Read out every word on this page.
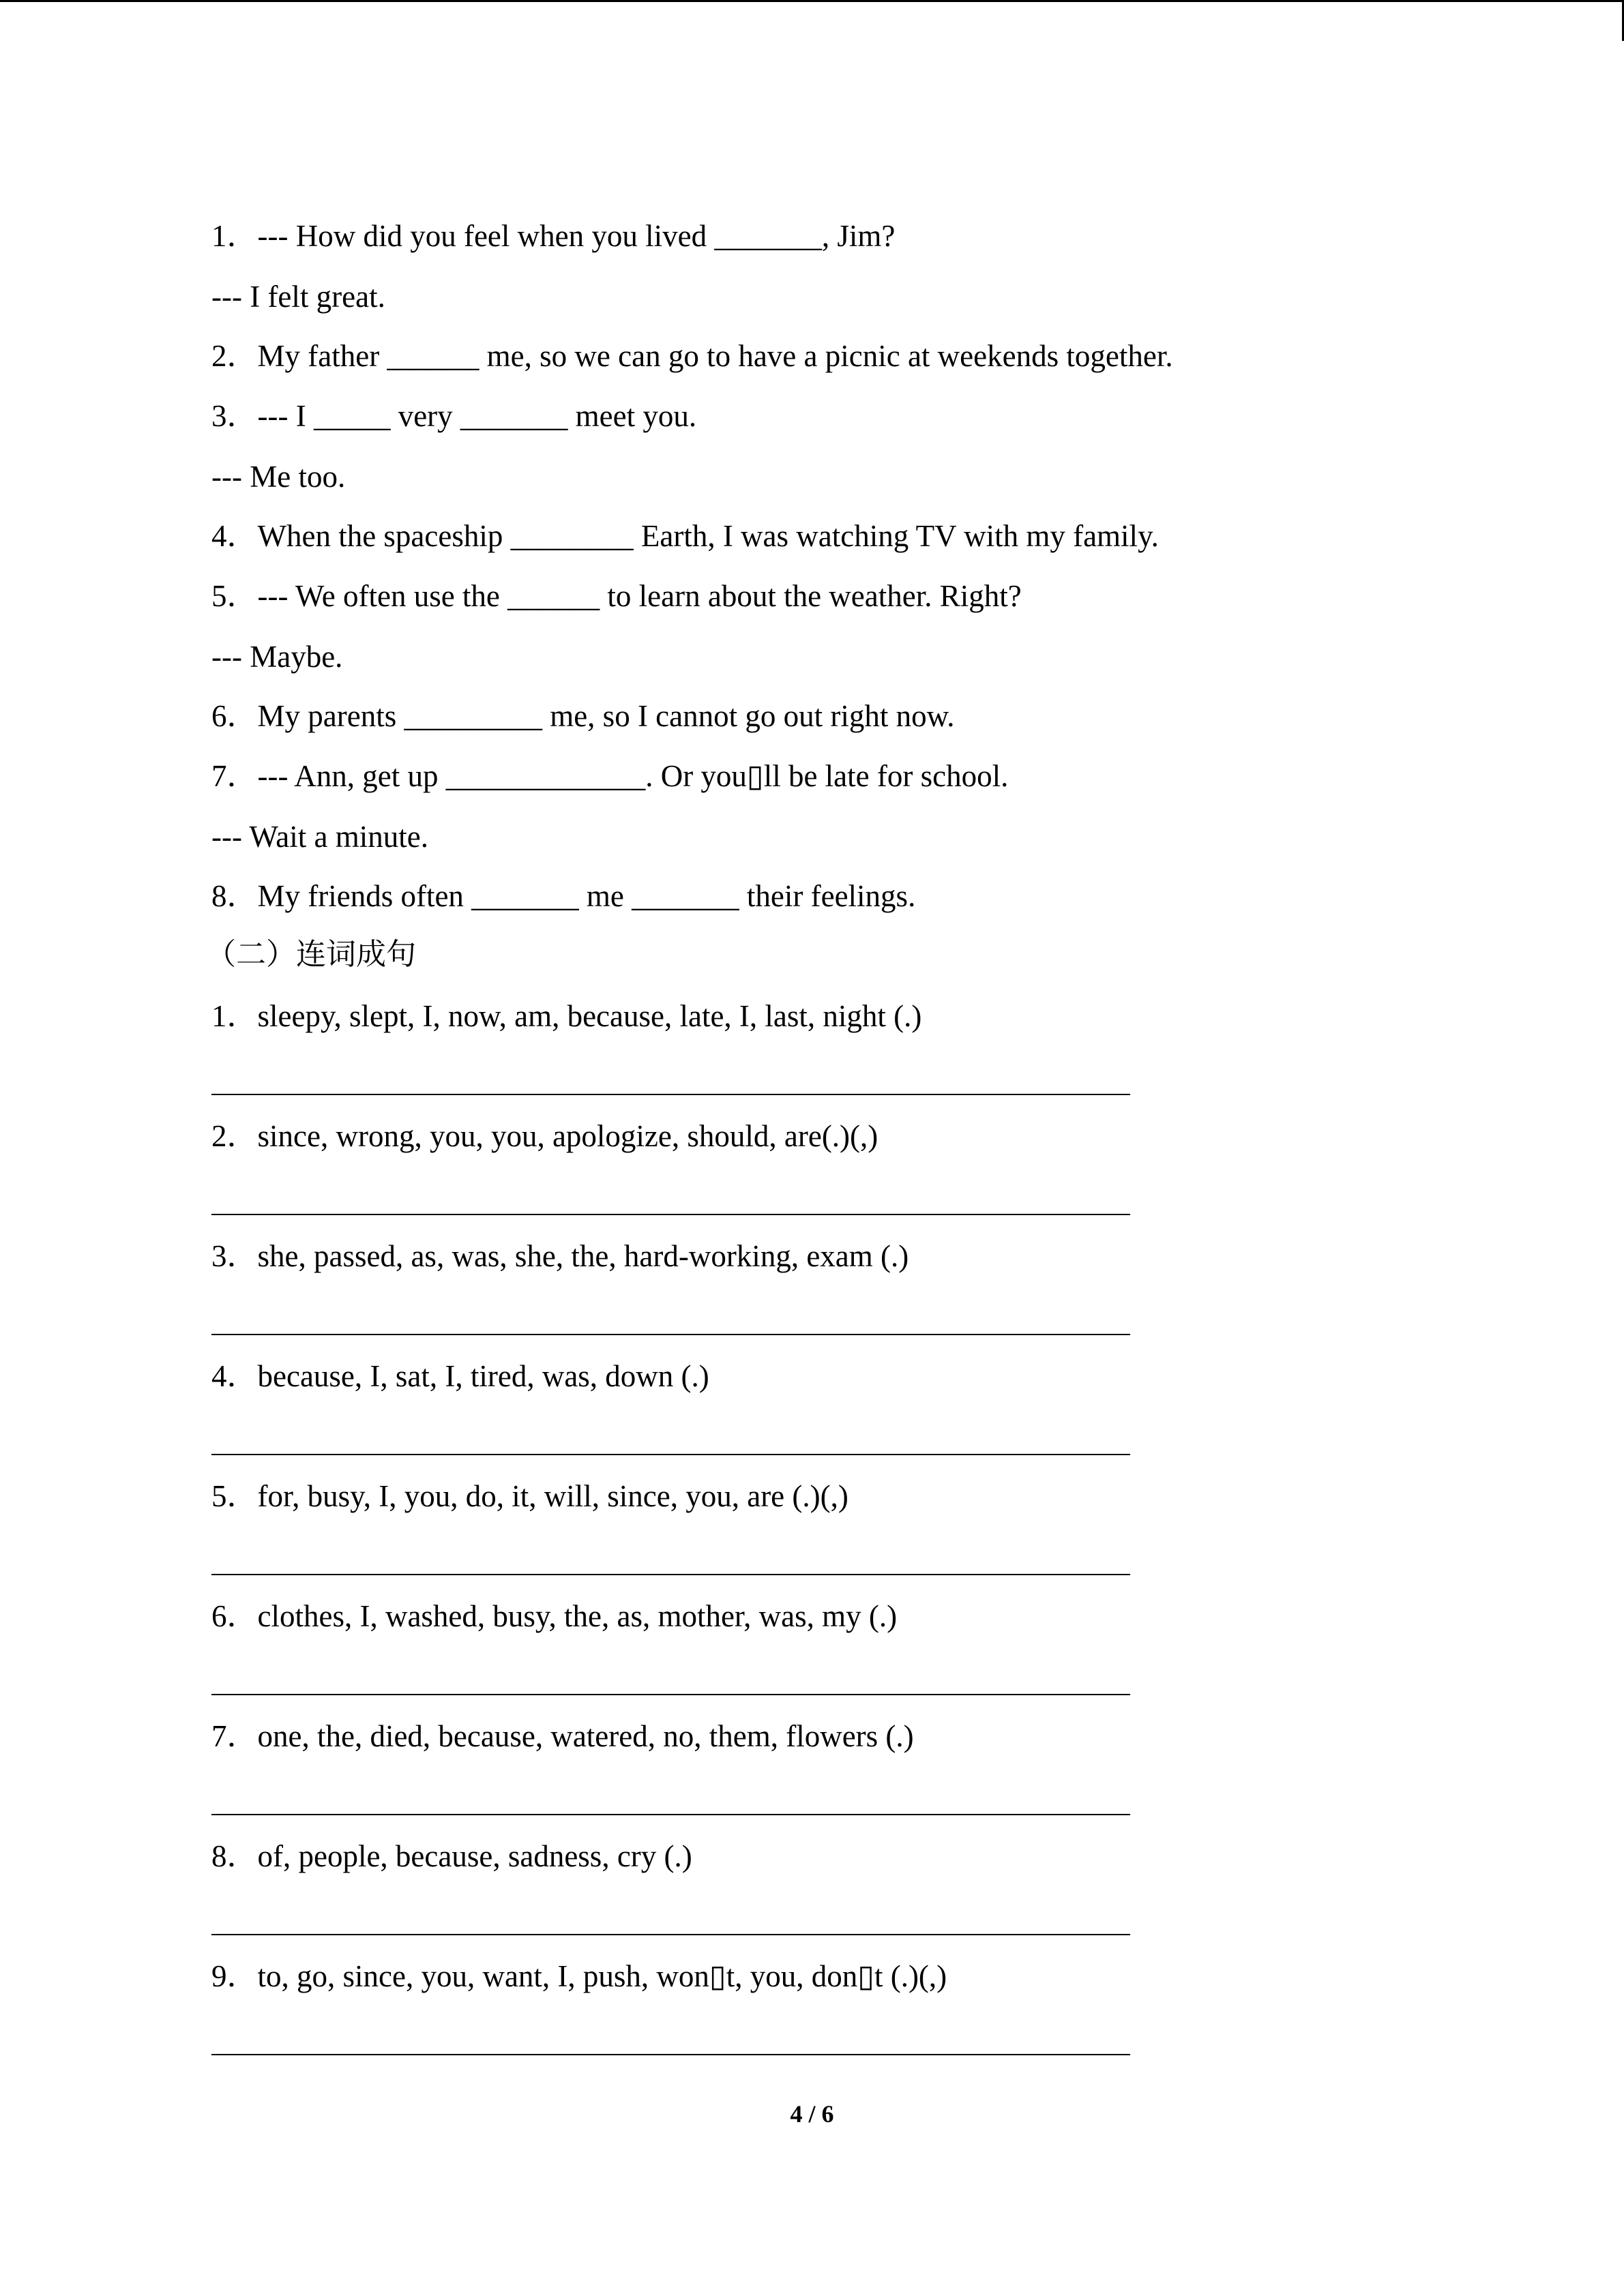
1．--- How did you feel when you lived _______, Jim?
--- I felt great.
2．My father ______ me, so we can go to have a picnic at weekends together.
3．--- I _____ very _______ meet you.
--- Me too.
4．When the spaceship ________ Earth, I was watching TV with my family.
5．--- We often use the ______ to learn about the weather. Right?
--- Maybe.
6．My parents _________ me, so I cannot go out right now.
7．--- Ann, get up _____________. Or you▯ll be late for school.
--- Wait a minute.
8．My friends often _______ me _______ their feelings.
（二）连词成句
1．sleepy, slept, I, now, am, because, late, I, last, night (.)
2．since, wrong, you, you, apologize, should, are(.)(,)
3．she, passed, as, was, she, the, hard-working, exam (.)
4．because, I, sat, I, tired, was, down (.)
5．for, busy, I, you, do, it, will, since, you, are (.)(,)
6．clothes, I, washed, busy, the, as, mother, was, my (.)
7．one, the, died, because, watered, no, them, flowers (.)
8．of, people, because, sadness, cry (.)
9．to, go, since, you, want, I, push, won▯t, you, don▯t (.)(,)
4 / 6
